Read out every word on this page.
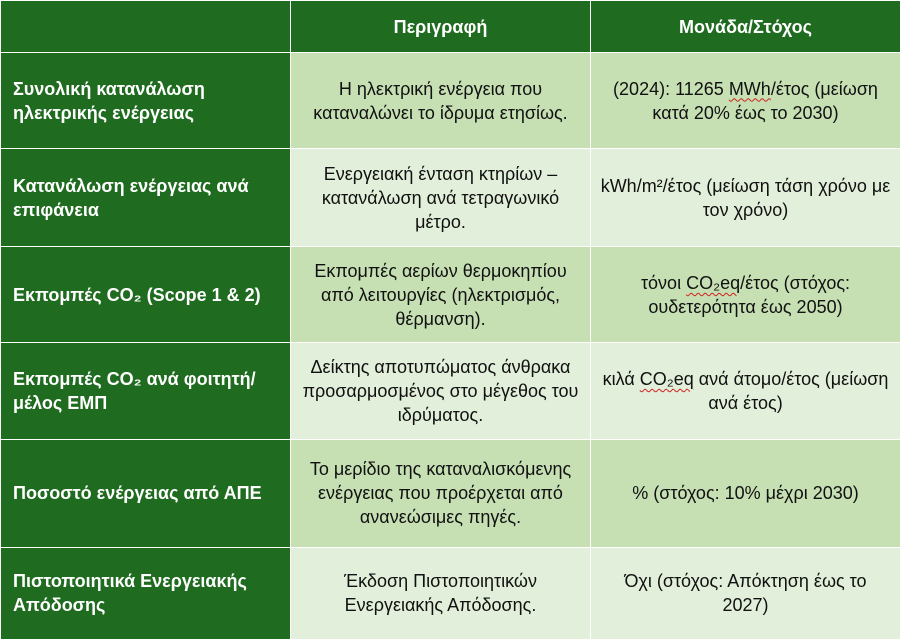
	Περιγραφή	Μονάδα/Στόχος
Συνολική κατανάλωση ηλεκτρικής ενέργειας	Η ηλεκτρική ενέργεια που καταναλώνει το ίδρυμα ετησίως.	(2024): 11265 MWh/έτος (μείωση κατά 20% έως το 2030)
Κατανάλωση ενέργειας ανά επιφάνεια	Ενεργειακή ένταση κτηρίων – κατανάλωση ανά τετραγωνικό μέτρο.	kWh/m²/έτος (μείωση τάση χρόνο με τον χρόνο)
Εκπομπές CO₂ (Scope 1 & 2)	Εκπομπές αερίων θερμοκηπίου από λειτουργίες (ηλεκτρισμός, θέρμανση).	τόνοι CO₂eq/έτος (στόχος: ουδετερότητα έως 2050)
Εκπομπές CO₂ ανά φοιτητή/μέλος ΕΜΠ	Δείκτης αποτυπώματος άνθρακα προσαρμοσμένος στο μέγεθος του ιδρύματος.	κιλά CO₂eq ανά άτομο/έτος (μείωση ανά έτος)
Ποσοστό ενέργειας από ΑΠΕ	Το μερίδιο της καταναλισκόμενης ενέργειας που προέρχεται από ανανεώσιμες πηγές.	% (στόχος: 10% μέχρι 2030)
Πιστοποιητικά Ενεργειακής Απόδοσης	Έκδοση Πιστοποιητικών Ενεργειακής Απόδοσης.	Όχι (στόχος: Απόκτηση έως το 2027)
